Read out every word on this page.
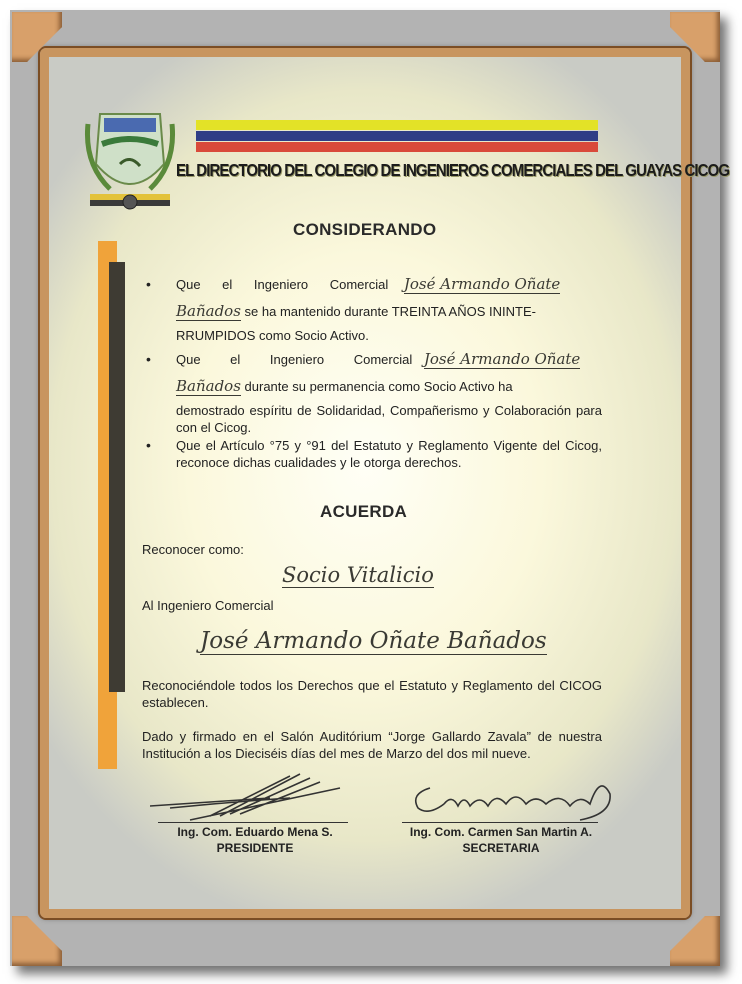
EL DIRECTORIO DEL COLEGIO DE INGENIEROS COMERCIALES DEL GUAYAS CICOG
CONSIDERANDO
• Que el Ingeniero Comercial José Armando Oñate
Bañados se ha mantenido durante TREINTA AÑOS ININTE-
RRUMPIDOS como Socio Activo.
• Que el Ingeniero Comercial José Armando Oñate
Bañados durante su permanencia como Socio Activo ha
demostrado espíritu de Solidaridad, Compañerismo y Colaboración para con el Cicog.
• Que el Artículo °75 y °91 del Estatuto y Reglamento Vigente del Cicog, reconoce dichas cualidades y le otorga derechos.
ACUERDA
Reconocer como:
Socio Vitalicio
Al Ingeniero Comercial
José Armando Oñate Bañados
Reconociéndole todos los Derechos que el Estatuto y Reglamento del CICOG establecen.
Dado y firmado en el Salón Auditórium “Jorge Gallardo Zavala” de nuestra Institución a los Dieciséis días del mes de Marzo del dos mil nueve.
Ing. Com. Eduardo Mena S.
PRESIDENTE
Ing. Com. Carmen San Martin A.
SECRETARIA
